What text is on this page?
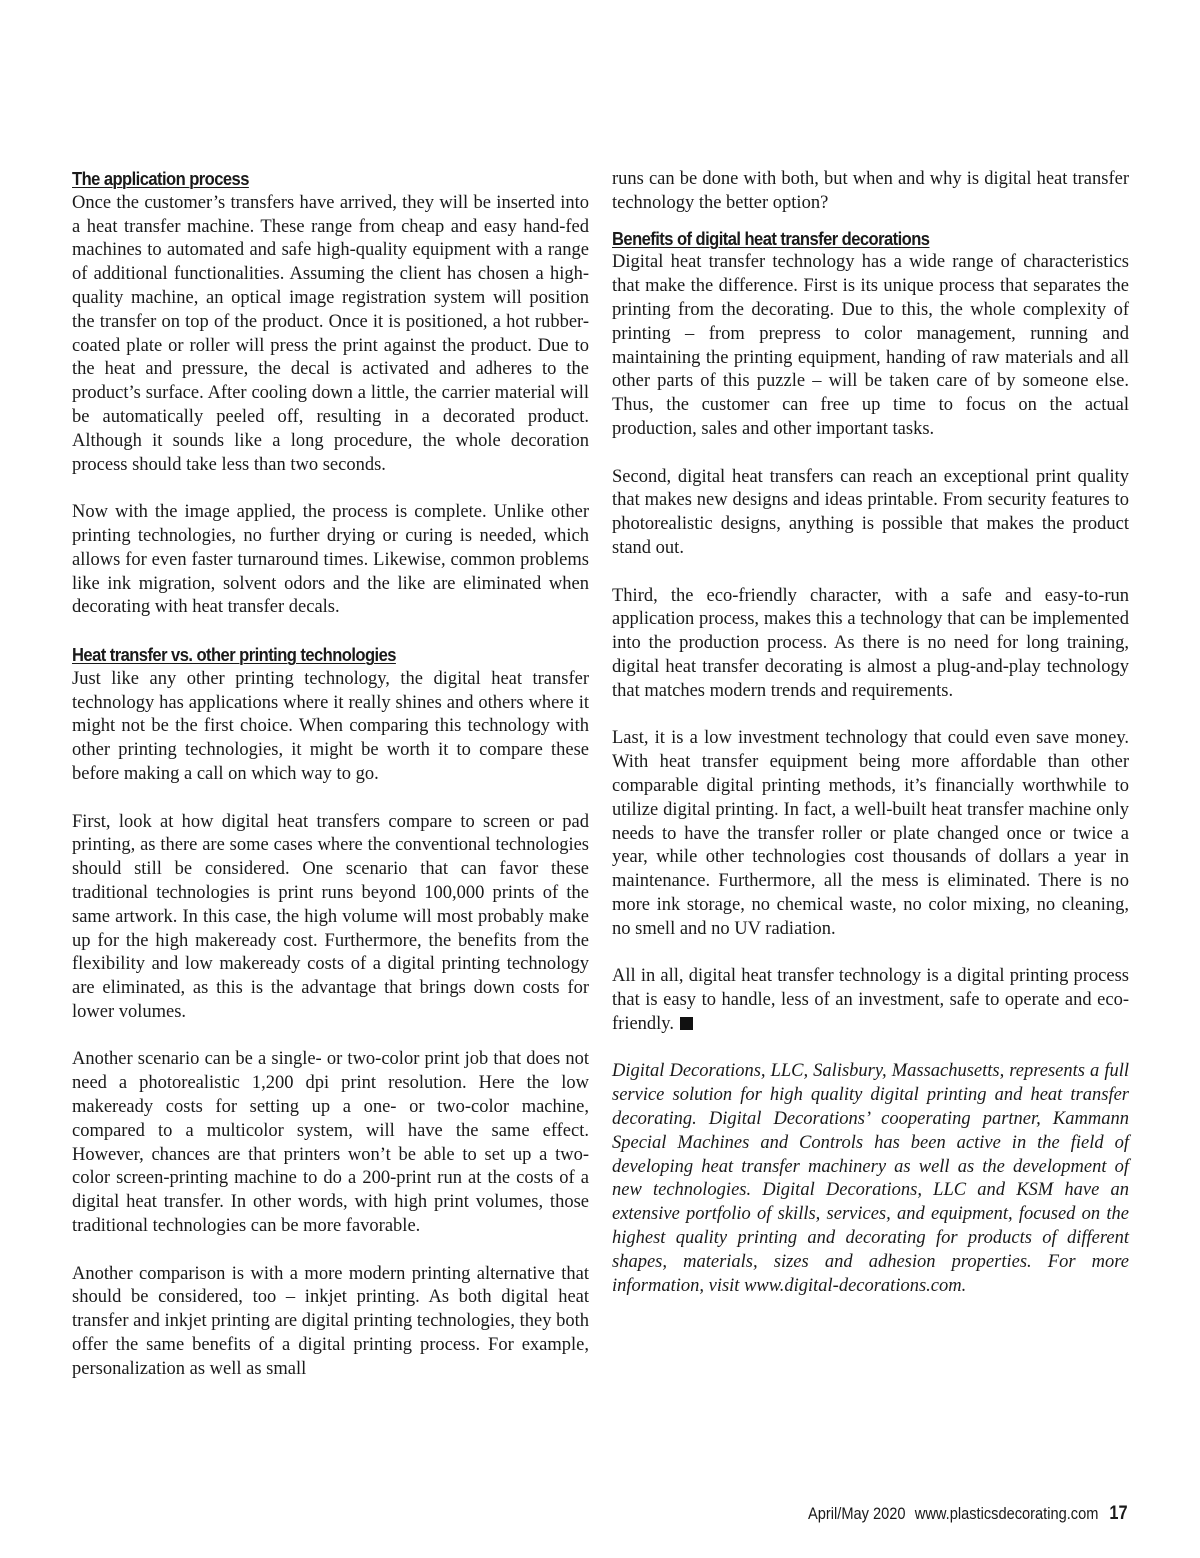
The application process

Once the customer’s transfers have arrived, they will be inserted into a heat transfer machine. These range from cheap and easy hand-fed machines to automated and safe high-quality equipment with a range of additional functionalities. Assuming the client has chosen a high-quality machine, an optical image registration system will position the transfer on top of the product. Once it is positioned, a hot rubber-coated plate or roller will press the print against the product. Due to the heat and pressure, the decal is activated and adheres to the product’s surface. After cooling down a little, the carrier material will be automatically peeled off, resulting in a decorated product. Although it sounds like a long procedure, the whole decoration process should take less than two seconds.

Now with the image applied, the process is complete. Unlike other printing technologies, no further drying or curing is needed, which allows for even faster turnaround times. Likewise, common problems like ink migration, solvent odors and the like are eliminated when decorating with heat transfer decals.

Heat transfer vs. other printing technologies

Just like any other printing technology, the digital heat transfer technology has applications where it really shines and others where it might not be the first choice. When comparing this technology with other printing technologies, it might be worth it to compare these before making a call on which way to go.

First, look at how digital heat transfers compare to screen or pad printing, as there are some cases where the conventional technologies should still be considered. One scenario that can favor these traditional technologies is print runs beyond 100,000 prints of the same artwork. In this case, the high volume will most probably make up for the high makeready cost. Furthermore, the benefits from the flexibility and low makeready costs of a digital printing technology are eliminated, as this is the advantage that brings down costs for lower volumes.

Another scenario can be a single- or two-color print job that does not need a photorealistic 1,200 dpi print resolution. Here the low makeready costs for setting up a one- or two-color machine, compared to a multicolor system, will have the same effect. However, chances are that printers won’t be able to set up a two-color screen-printing machine to do a 200-print run at the costs of a digital heat transfer. In other words, with high print volumes, those traditional technologies can be more favorable.

Another comparison is with a more modern printing alternative that should be considered, too – inkjet printing. As both digital heat transfer and inkjet printing are digital printing technologies, they both offer the same benefits of a digital printing process. For example, personalization as well as small

runs can be done with both, but when and why is digital heat transfer technology the better option?

Benefits of digital heat transfer decorations

Digital heat transfer technology has a wide range of characteristics that make the difference. First is its unique process that separates the printing from the decorating. Due to this, the whole complexity of printing – from prepress to color management, running and maintaining the printing equipment, handing of raw materials and all other parts of this puzzle – will be taken care of by someone else. Thus, the customer can free up time to focus on the actual production, sales and other important tasks.

Second, digital heat transfers can reach an exceptional print quality that makes new designs and ideas printable. From security features to photorealistic designs, anything is possible that makes the product stand out.

Third, the eco-friendly character, with a safe and easy-to-run application process, makes this a technology that can be implemented into the production process. As there is no need for long training, digital heat transfer decorating is almost a plug-and-play technology that matches modern trends and requirements.

Last, it is a low investment technology that could even save money. With heat transfer equipment being more affordable than other comparable digital printing methods, it’s financially worthwhile to utilize digital printing. In fact, a well-built heat transfer machine only needs to have the transfer roller or plate changed once or twice a year, while other technologies cost thousands of dollars a year in maintenance. Furthermore, all the mess is eliminated. There is no more ink storage, no chemical waste, no color mixing, no cleaning, no smell and no UV radiation.

All in all, digital heat transfer technology is a digital printing process that is easy to handle, less of an investment, safe to operate and eco-friendly.

Digital Decorations, LLC, Salisbury, Massachusetts, represents a full service solution for high quality digital printing and heat transfer decorating. Digital Decorations’ cooperating partner, Kammann Special Machines and Controls has been active in the field of developing heat transfer machinery as well as the development of new technologies. Digital Decorations, LLC and KSM have an extensive portfolio of skills, services, and equipment, focused on the highest quality printing and decorating for products of different shapes, materials, sizes and adhesion properties. For more information, visit www.digital-decorations.com.

April/May 2020 www.plasticsdecorating.com 17
